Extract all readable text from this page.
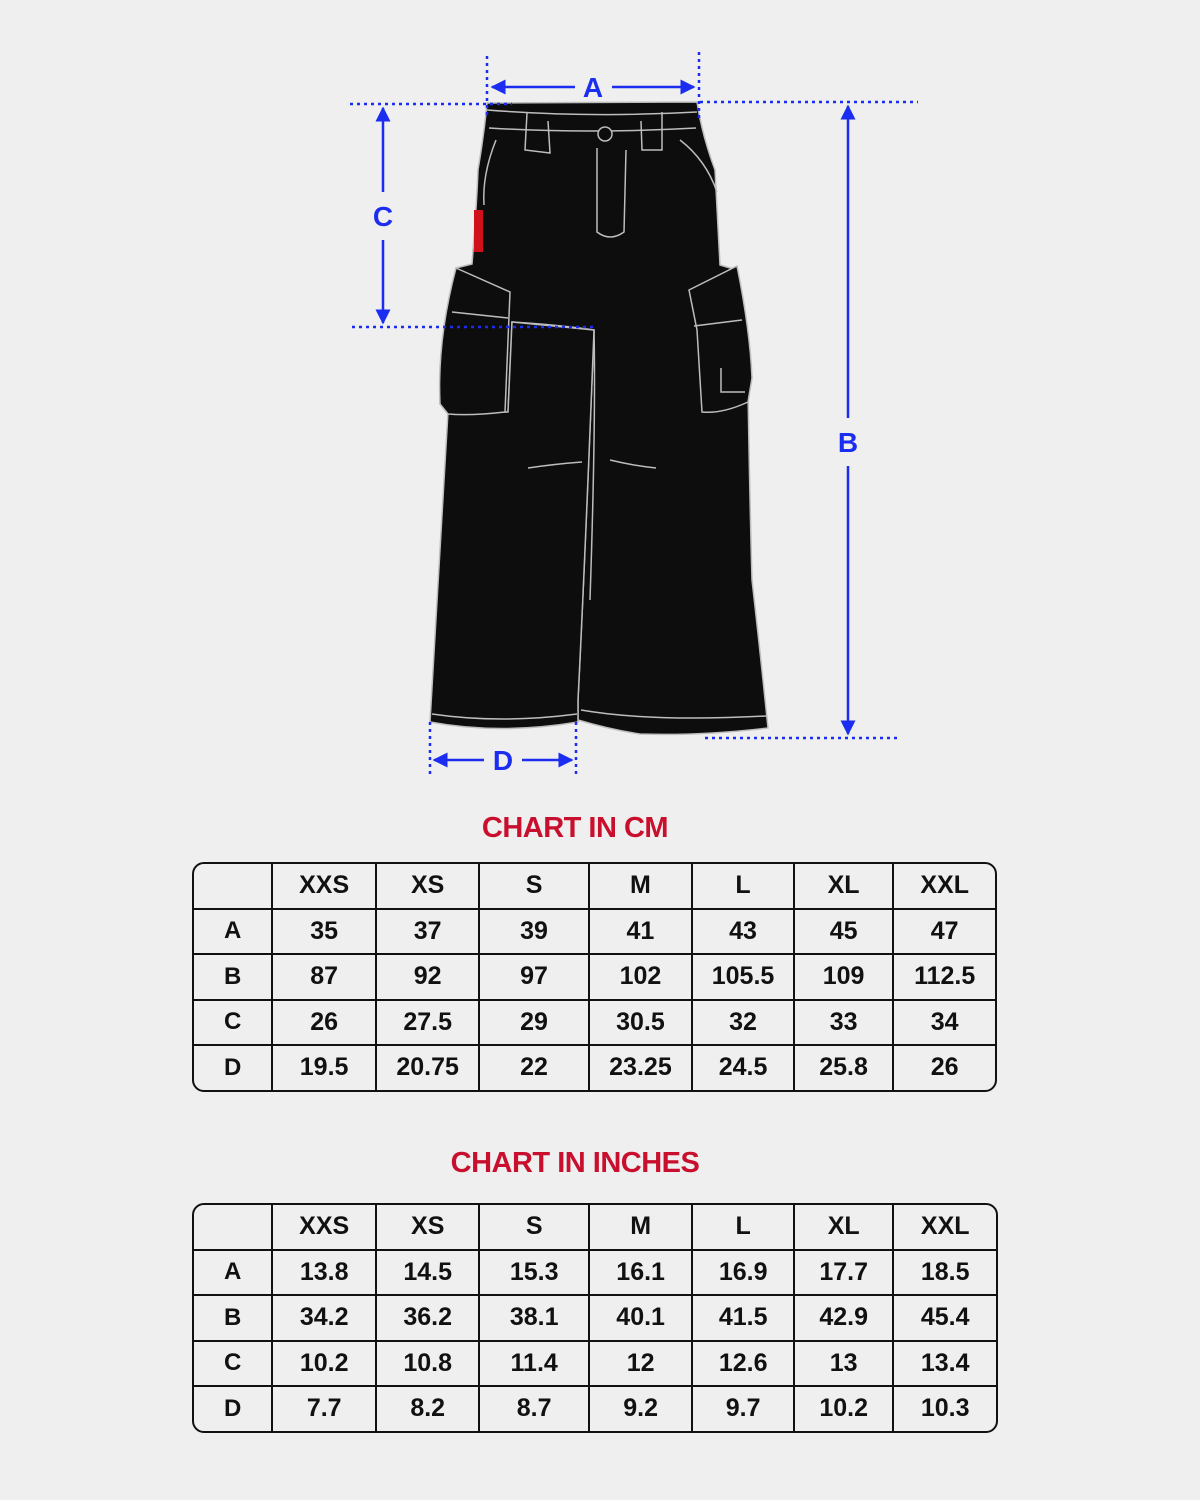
A
B
C
D
CHART IN CM
	XXS	XS	S	M	L	XL	XXL
A	35	37	39	41	43	45	47
B	87	92	97	102	105.5	109	112.5
C	26	27.5	29	30.5	32	33	34
D	19.5	20.75	22	23.25	24.5	25.8	26
CHART IN INCHES
	XXS	XS	S	M	L	XL	XXL
A	13.8	14.5	15.3	16.1	16.9	17.7	18.5
B	34.2	36.2	38.1	40.1	41.5	42.9	45.4
C	10.2	10.8	11.4	12	12.6	13	13.4
D	7.7	8.2	8.7	9.2	9.7	10.2	10.3
